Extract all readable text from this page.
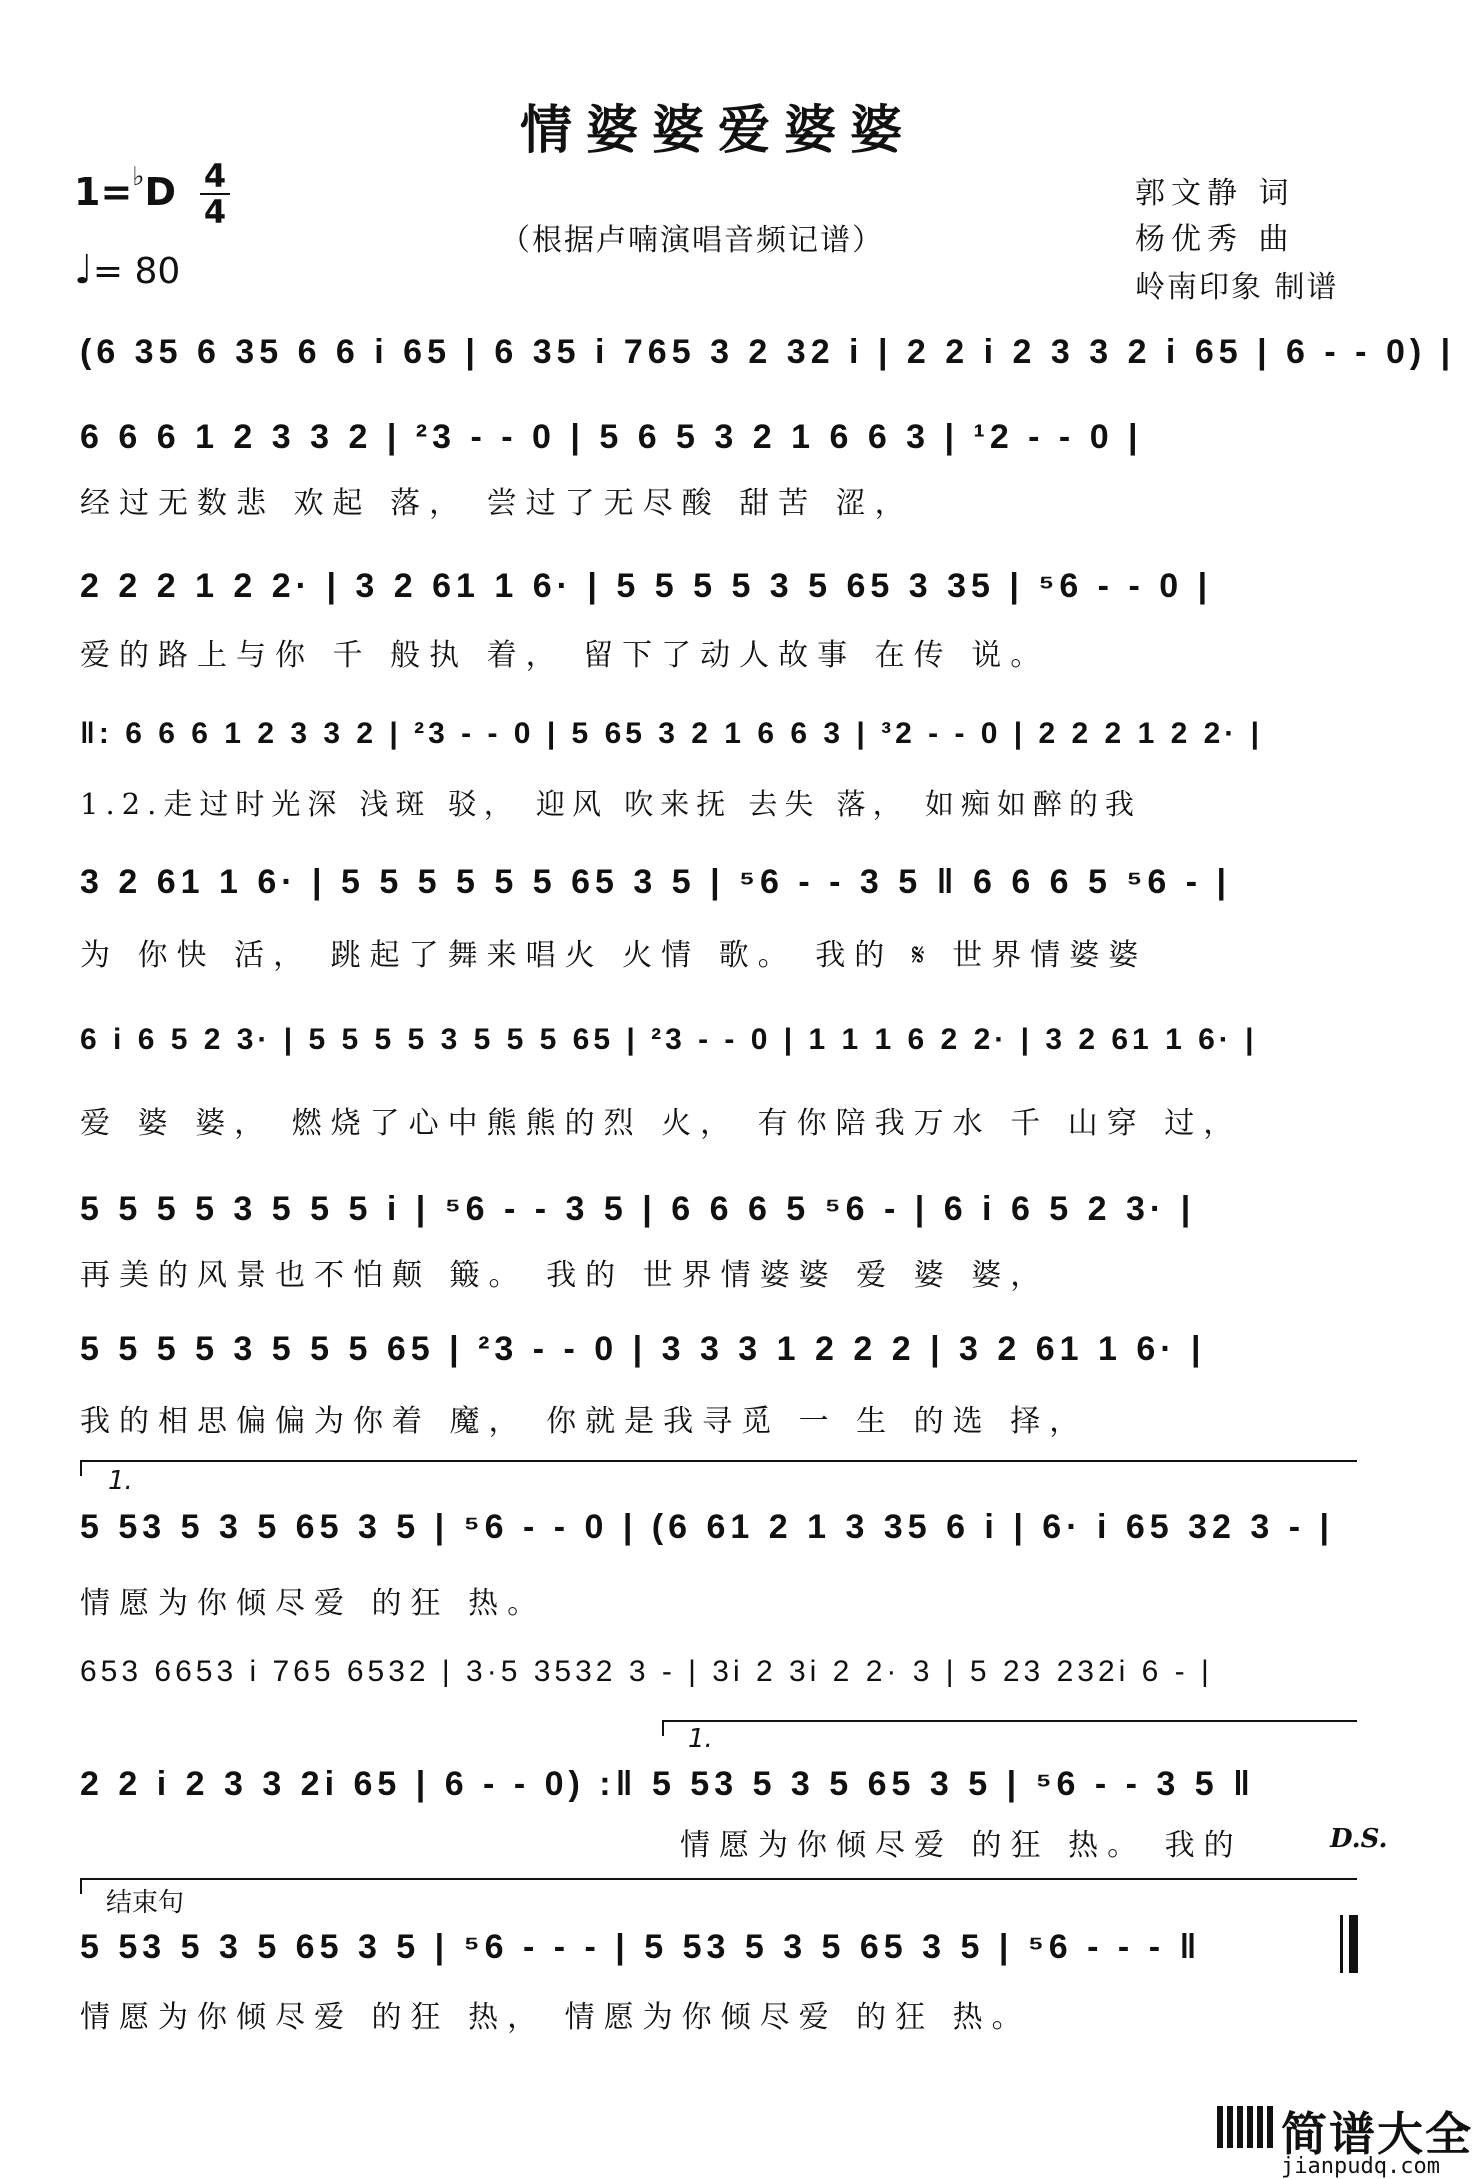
情婆婆爱婆婆
1=♭D 4
4
♩= 80
（根据卢喃演唱音频记谱）
郭文静 词
杨优秀 曲
岭南印象 制谱
(6 35 6 35 6 6 i 65 | 6 35 i 765 3 2 32 i | 2 2 i 2 3 3 2 i 65 | 6 - - 0) |
6 6 6 1 2 3 3 2 | ²3 - - 0 | 5 6 5 3 2 1 6 6 3 | ¹2 - - 0 |
经过无数悲 欢起 落， 尝过了无尽酸 甜苦 涩，
2 2 2 1 2 2· | 3 2 61 1 6· | 5 5 5 5 3 5 65 3 35 | ⁵6 - - 0 |
爱的路上与你 千 般执 着， 留下了动人故事 在传 说。
‖: 6 6 6 1 2 3 3 2 | ²3 - - 0 | 5 65 3 2 1 6 6 3 | ³2 - - 0 | 2 2 2 1 2 2· |
1.2.走过时光深 浅斑 驳， 迎风 吹来抚 去失 落， 如痴如醉的我
3 2 61 1 6· | 5 5 5 5 5 5 65 3 5 | ⁵6 - - 3 5 ‖ 6 6 6 5 ⁵6 - |
为 你快 活， 跳起了舞来唱火 火情 歌。 我的 𝄋 世界情婆婆
6 i 6 5 2 3· | 5 5 5 5 3 5 5 5 65 | ²3 - - 0 | 1 1 1 6 2 2· | 3 2 61 1 6· |
爱 婆 婆， 燃烧了心中熊熊的烈 火， 有你陪我万水 千 山穿 过，
5 5 5 5 3 5 5 5 i | ⁵6 - - 3 5 | 6 6 6 5 ⁵6 - | 6 i 6 5 2 3· |
再美的风景也不怕颠 簸。 我的 世界情婆婆 爱 婆 婆，
5 5 5 5 3 5 5 5 65 | ²3 - - 0 | 3 3 3 1 2 2 2 | 3 2 61 1 6· |
我的相思偏偏为你着 魔， 你就是我寻觅 一 生 的选 择，
1.
5 53 5 3 5 65 3 5 | ⁵6 - - 0 | (6 61 2 1 3 35 6 i | 6· i 65 32 3 - |
情愿为你倾尽爱 的狂 热。
653 6653 i 765 6532 | 3·5 3532 3 - | 3i 2 3i 2 2· 3 | 5 23 232i 6 - |
1.
2 2 i 2 3 3 2i 65 | 6 - - 0) :‖ 5 53 5 3 5 65 3 5 | ⁵6 - - 3 5 ‖
情愿为你倾尽爱 的狂 热。 我的	D.S.
结束句
5 53 5 3 5 65 3 5 | ⁵6 - - - | 5 53 5 3 5 65 3 5 | ⁵6 - - - ‖
情愿为你倾尽爱 的狂 热， 情愿为你倾尽爱 的狂 热。
简谱大全
jianpudq.com
